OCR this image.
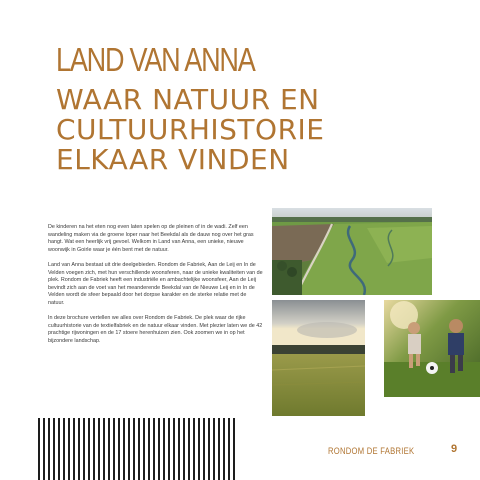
LAND VAN ANNA
WAAR NATUUR EN
CULTUURHISTORIE
ELKAAR VINDEN

De kinderen na het eten nog even laten spelen op de pleinen of in de wadi. Zelf een wandeling maken via de groene loper naar het Beekdal als de dauw nog over het gras hangt. Wat een heerlijk vrij gevoel. Welkom in Land van Anna, een unieke, nieuwe woonwijk in Goirle waar je één bent met de natuur.

Land van Anna bestaat uit drie deelgebieden. Rondom de Fabriek, Aan de Leij en In de Velden voegen zich, met hun verschillende woonsferen, naar de unieke kwaliteiten van de plek. Rondom de Fabriek heeft een industriële en ambachtelijke woonsfeer, Aan de Leij bevindt zich aan de voet van het meanderende Beekdal van de Nieuwe Leij en in In de Velden wordt de sfeer bepaald door het dorpse karakter en de sterke relatie met de natuur.

In deze brochure vertellen we alles over Rondom de Fabriek. De plek waar de rijke cultuurhistorie van de textielfabriek en de natuur elkaar vinden. Met plezier laten we de 42 prachtige rijwoningen en de 17 stoere herenhuizen zien. Ook zoomen we in op het bijzondere landschap.

RONDOM DE FABRIEK	9
